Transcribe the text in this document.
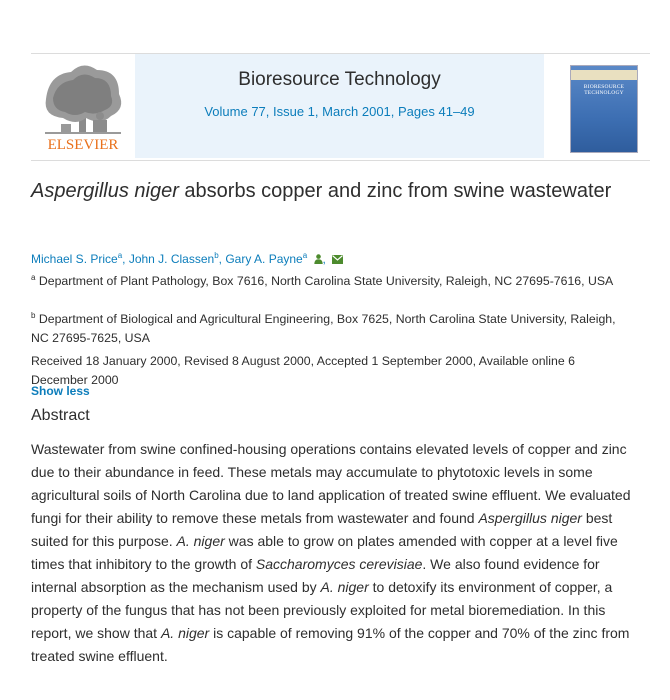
ELSEVIER
Bioresource Technology
Volume 77, Issue 1, March 2001, Pages 41–49
BIORESOURCE TECHNOLOGY
Aspergillus niger absorbs copper and zinc from swine wastewater
Michael S. Price$^a$, John J. Classen$^b$, Gary A. Payne$^a$ ,
$^a$ Department of Plant Pathology, Box 7616, North Carolina State University, Raleigh, NC 27695-7616, USA
$^b$ Department of Biological and Agricultural Engineering, Box 7625, North Carolina State University, Raleigh, NC 27695-7625, USA
Received 18 January 2000, Revised 8 August 2000, Accepted 1 September 2000, Available online 6 December 2000
Show less
Abstract
Wastewater from swine confined-housing operations contains elevated levels of copper and zinc due to their abundance in feed. These metals may accumulate to phytotoxic levels in some agricultural soils of North Carolina due to land application of treated swine effluent. We evaluated fungi for their ability to remove these metals from wastewater and found Aspergillus niger best suited for this purpose. A. niger was able to grow on plates amended with copper at a level five times that inhibitory to the growth of Saccharomyces cerevisiae. We also found evidence for internal absorption as the mechanism used by A. niger to detoxify its environment of copper, a property of the fungus that has not been previously exploited for metal bioremediation. In this report, we show that A. niger is capable of removing 91% of the copper and 70% of the zinc from treated swine effluent.
